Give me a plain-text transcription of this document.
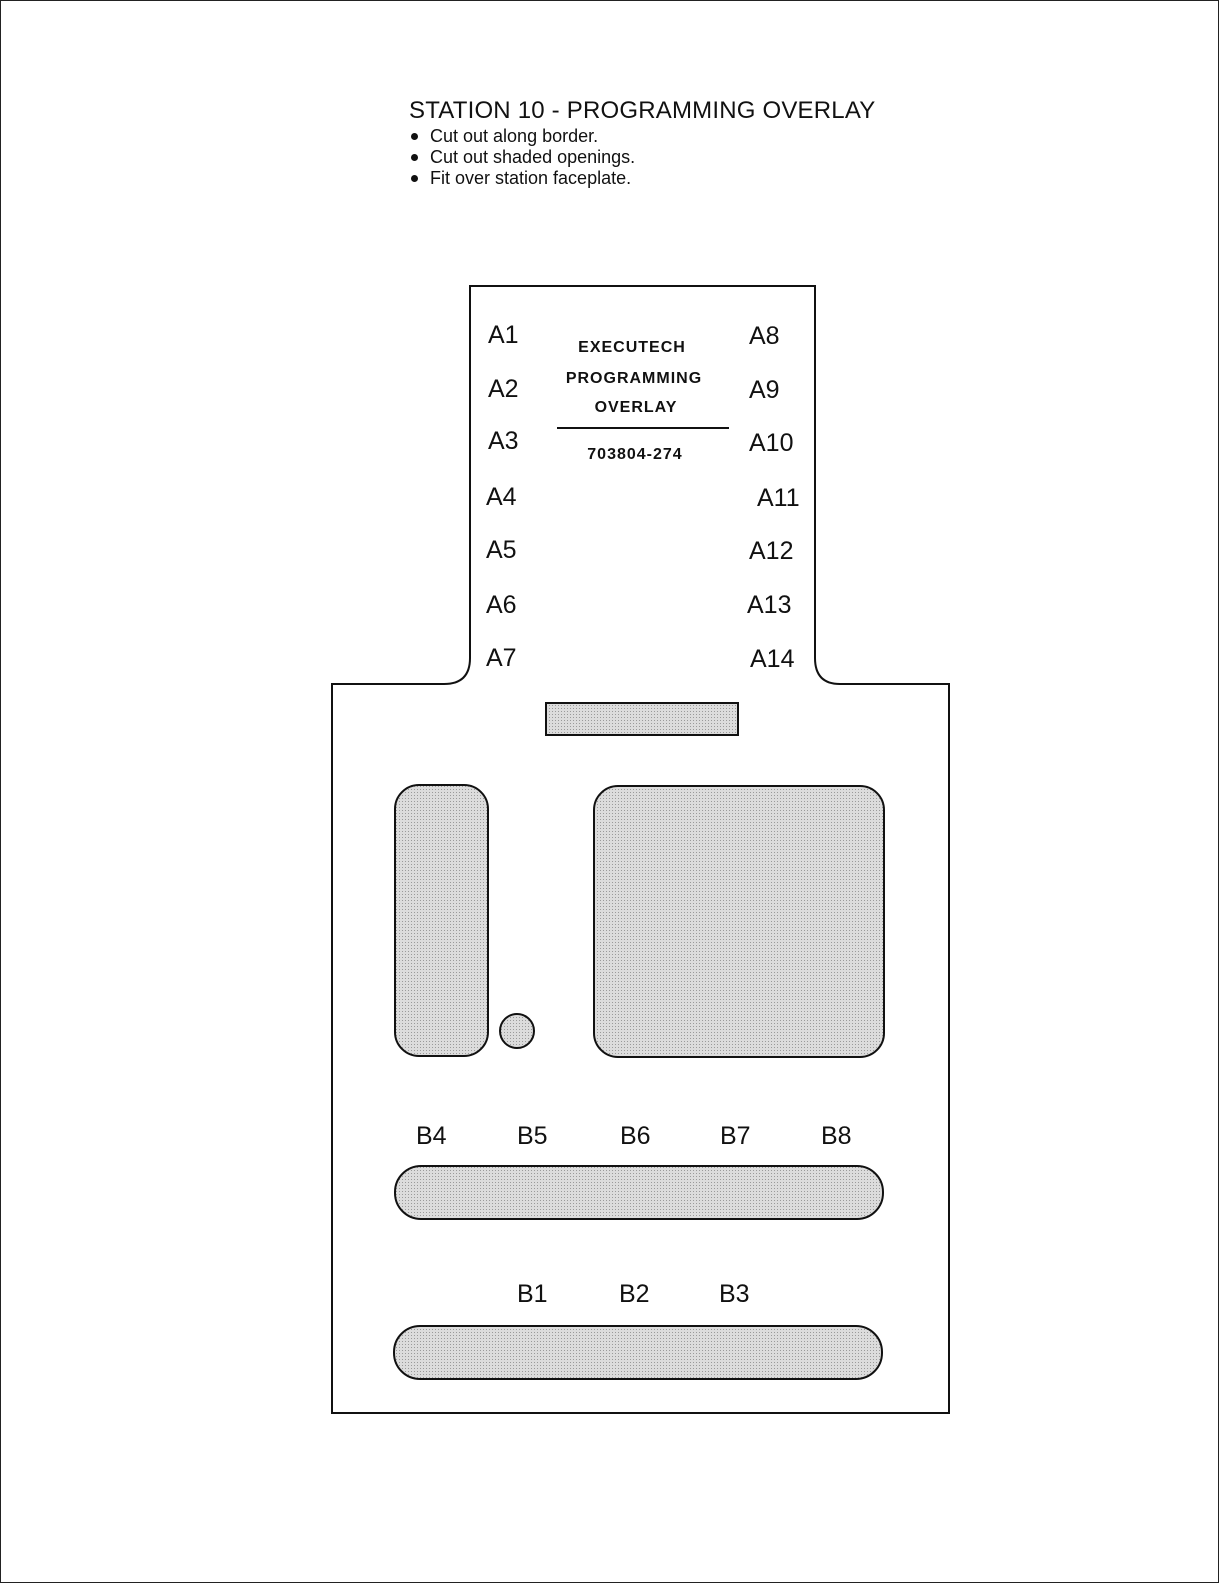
STATION 10 - PROGRAMMING OVERLAY
Cut out along border.
Cut out shaded openings.
Fit over station faceplate.
EXECUTECH
PROGRAMMING
OVERLAY
703804-274
A1
A2
A3
A4
A5
A6
A7
A8
A9
A10
A11
A12
A13
A14
B4	B5	B6	B7	B8
B1	B2	B3
